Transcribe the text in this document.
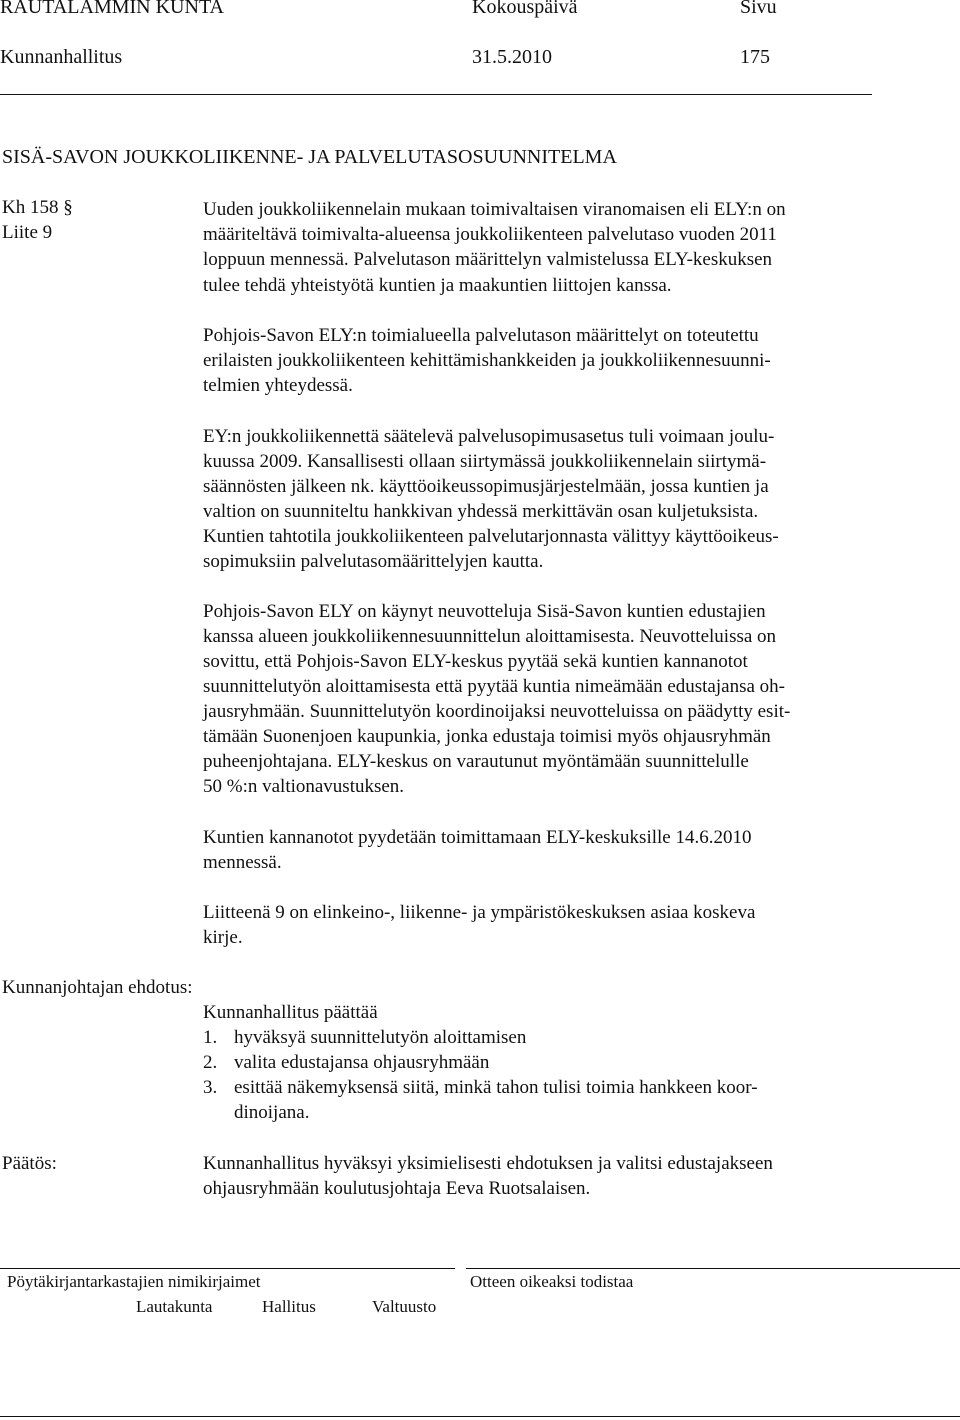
RAUTALAMMIN KUNTA	Kokouspäivä	Sivu
Kunnanhallitus	31.5.2010	175
SISÄ-SAVON JOUKKOLIIKENNE- JA PALVELUTASOSUUNNITELMA
Kh 158 §
Liite 9
Uuden joukkoliikennelain mukaan toimivaltaisen viranomaisen eli ELY:n on
määriteltävä toimivalta-alueensa joukkoliikenteen palvelutaso vuoden 2011
loppuun mennessä. Palvelutason määrittelyn valmistelussa ELY-keskuksen
tulee tehdä yhteistyötä kuntien ja maakuntien liittojen kanssa.
Pohjois-Savon ELY:n toimialueella palvelutason määrittelyt on toteutettu
erilaisten joukkoliikenteen kehittämishankkeiden ja joukkoliikennesuunni-
telmien yhteydessä.
EY:n joukkoliikennettä säätelevä palvelusopimusasetus tuli voimaan joulu-
kuussa 2009. Kansallisesti ollaan siirtymässä joukkoliikennelain siirtymä-
säännösten jälkeen nk. käyttöoikeussopimusjärjestelmään, jossa kuntien ja
valtion on suunniteltu hankkivan yhdessä merkittävän osan kuljetuksista.
Kuntien tahtotila joukkoliikenteen palvelutarjonnasta välittyy käyttöoikeus-
sopimuksiin palvelutasomäärittelyjen kautta.
Pohjois-Savon ELY on käynyt neuvotteluja Sisä-Savon kuntien edustajien
kanssa alueen joukkoliikennesuunnittelun aloittamisesta. Neuvotteluissa on
sovittu, että Pohjois-Savon ELY-keskus pyytää sekä kuntien kannanotot
suunnittelutyön aloittamisesta että pyytää kuntia nimeämään edustajansa oh-
jausryhmään. Suunnittelutyön koordinoijaksi neuvotteluissa on päädytty esit-
tämään Suonenjoen kaupunkia, jonka edustaja toimisi myös ohjausryhmän
puheenjohtajana. ELY-keskus on varautunut myöntämään suunnittelulle
50 %:n valtionavustuksen.
Kuntien kannanotot pyydetään toimittamaan ELY-keskuksille 14.6.2010
mennessä.
Liitteenä 9 on elinkeino-, liikenne- ja ympäristökeskuksen asiaa koskeva
kirje.
Kunnanjohtajan ehdotus:
Kunnanhallitus päättää
1. hyväksyä suunnittelutyön aloittamisen
2. valita edustajansa ohjausryhmään
3. esittää näkemyksensä siitä, minkä tahon tulisi toimia hankkeen koor-
dinoijana.
Päätös:	Kunnanhallitus hyväksyi yksimielisesti ehdotuksen ja valitsi edustajakseen
ohjausryhmään koulutusjohtaja Eeva Ruotsalaisen.
Pöytäkirjantarkastajien nimikirjaimet	Otteen oikeaksi todistaa
Lautakunta	Hallitus	Valtuusto
